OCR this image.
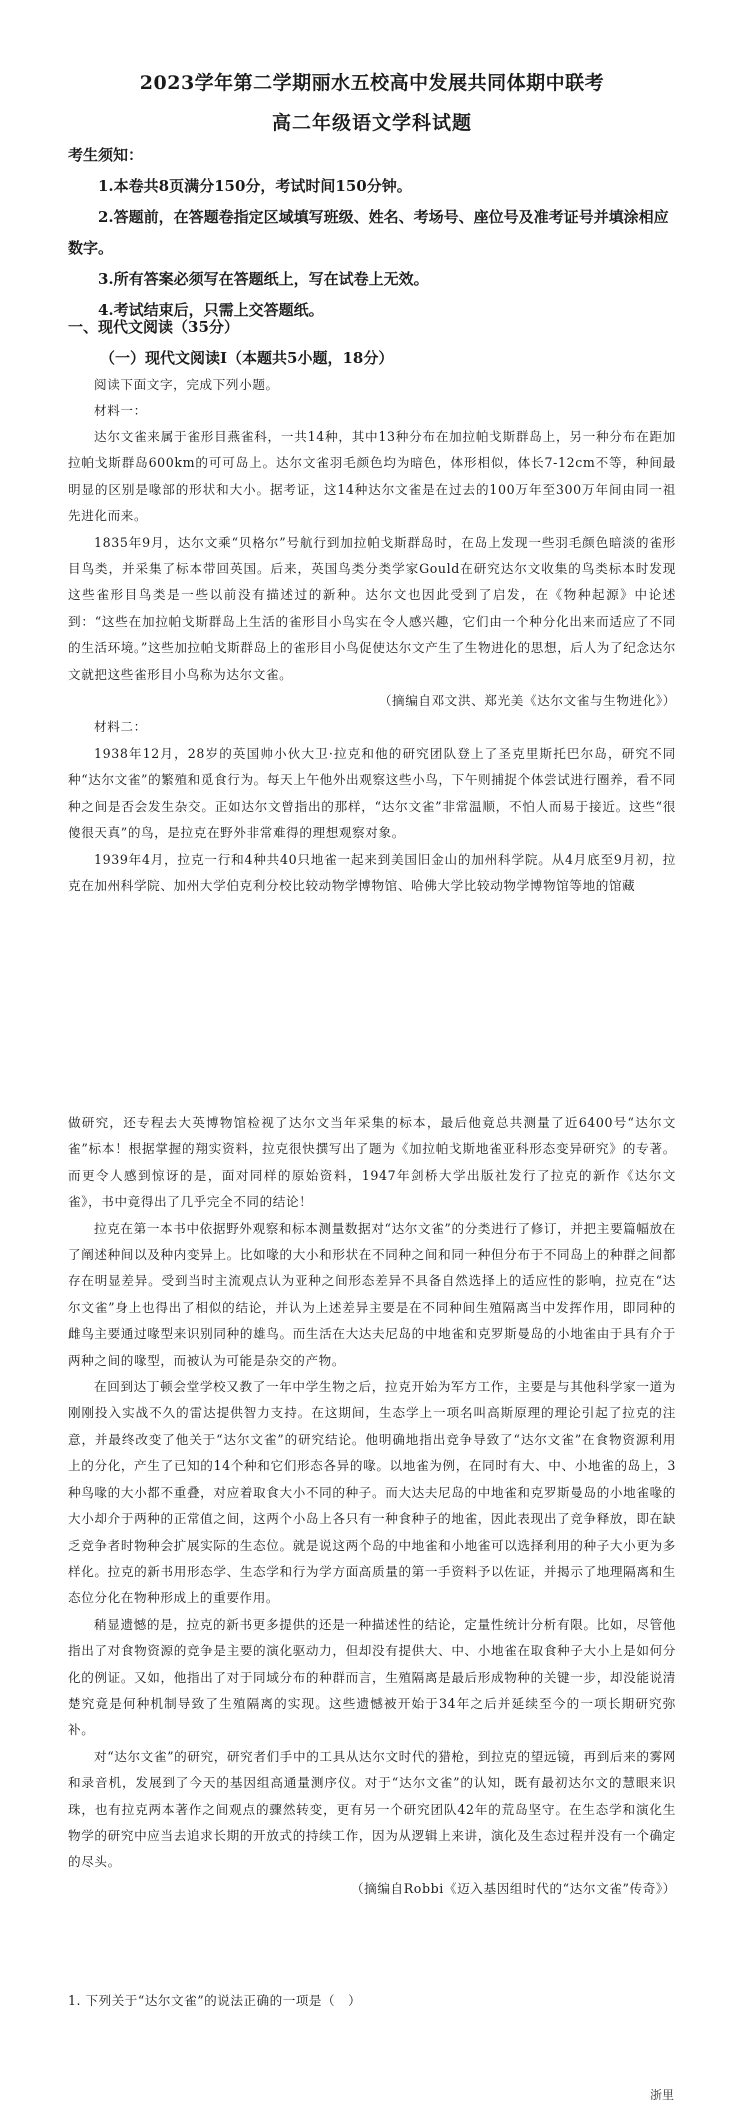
2023学年第二学期丽水五校高中发展共同体期中联考
高二年级语文学科试题

考生须知：

1.本卷共8页满分150分，考试时间150分钟。

2.答题前，在答题卷指定区域填写班级、姓名、考场号、座位号及准考证号并填涂相应数字。

3.所有答案必须写在答题纸上，写在试卷上无效。

4.考试结束后，只需上交答题纸。

一、现代文阅读（35分）
（一）现代文阅读Ⅰ（本题共5小题，18分）

阅读下面文字，完成下列小题。

材料一：

达尔文雀来属于雀形目燕雀科，一共14种，其中13种分布在加拉帕戈斯群岛上，另一种分布在距加拉帕戈斯群岛600km的可可岛上。达尔文雀羽毛颜色均为暗色，体形相似，体长7-12cm不等，种间最明显的区别是喙部的形状和大小。据考证，这14种达尔文雀是在过去的100万年至300万年间由同一祖先进化而来。

1835年9月，达尔文乘“贝格尔”号航行到加拉帕戈斯群岛时，在岛上发现一些羽毛颜色暗淡的雀形目鸟类，并采集了标本带回英国。后来，英国鸟类分类学家Gould在研究达尔文收集的鸟类标本时发现这些雀形目鸟类是一些以前没有描述过的新种。达尔文也因此受到了启发，在《物种起源》中论述到：“这些在加拉帕戈斯群岛上生活的雀形目小鸟实在令人感兴趣，它们由一个种分化出来而适应了不同的生活环境。”这些加拉帕戈斯群岛上的雀形目小鸟促使达尔文产生了生物进化的思想，后人为了纪念达尔文就把这些雀形目小鸟称为达尔文雀。

（摘编自邓文洪、郑光美《达尔文雀与生物进化》）

材料二：

1938年12月，28岁的英国帅小伙大卫·拉克和他的研究团队登上了圣克里斯托巴尔岛，研究不同种“达尔文雀”的繁殖和觅食行为。每天上午他外出观察这些小鸟，下午则捕捉个体尝试进行圈养，看不同种之间是否会发生杂交。正如达尔文曾指出的那样，“达尔文雀”非常温顺，不怕人而易于接近。这些“很傻很天真”的鸟，是拉克在野外非常难得的理想观察对象。

1939年4月，拉克一行和4种共40只地雀一起来到美国旧金山的加州科学院。从4月底至9月初，拉克在加州科学院、加州大学伯克利分校比较动物学博物馆、哈佛大学比较动物学博物馆等地的馆藏

做研究，还专程去大英博物馆检视了达尔文当年采集的标本，最后他竟总共测量了近6400号“达尔文雀”标本！根据掌握的翔实资料，拉克很快撰写出了题为《加拉帕戈斯地雀亚科形态变异研究》的专著。而更令人感到惊讶的是，面对同样的原始资料，1947年剑桥大学出版社发行了拉克的新作《达尔文雀》，书中竟得出了几乎完全不同的结论！

拉克在第一本书中依据野外观察和标本测量数据对“达尔文雀”的分类进行了修订，并把主要篇幅放在了阐述种间以及种内变异上。比如喙的大小和形状在不同种之间和同一种但分布于不同岛上的种群之间都存在明显差异。受到当时主流观点认为亚种之间形态差异不具备自然选择上的适应性的影响，拉克在“达尔文雀”身上也得出了相似的结论，并认为上述差异主要是在不同种间生殖隔离当中发挥作用，即同种的雌鸟主要通过喙型来识别同种的雄鸟。而生活在大达夫尼岛的中地雀和克罗斯曼岛的小地雀由于具有介于两种之间的喙型，而被认为可能是杂交的产物。

在回到达丁顿会堂学校又教了一年中学生物之后，拉克开始为军方工作，主要是与其他科学家一道为刚刚投入实战不久的雷达提供智力支持。在这期间，生态学上一项名叫高斯原理的理论引起了拉克的注意，并最终改变了他关于“达尔文雀”的研究结论。他明确地指出竞争导致了“达尔文雀”在食物资源利用上的分化，产生了已知的14个种和它们形态各异的喙。以地雀为例，在同时有大、中、小地雀的岛上，3种鸟喙的大小都不重叠，对应着取食大小不同的种子。而大达夫尼岛的中地雀和克罗斯曼岛的小地雀喙的大小却介于两种的正常值之间，这两个小岛上各只有一种食种子的地雀，因此表现出了竞争释放，即在缺乏竞争者时物种会扩展实际的生态位。就是说这两个岛的中地雀和小地雀可以选择利用的种子大小更为多样化。拉克的新书用形态学、生态学和行为学方面高质量的第一手资料予以佐证，并揭示了地理隔离和生态位分化在物种形成上的重要作用。

稍显遗憾的是，拉克的新书更多提供的还是一种描述性的结论，定量性统计分析有限。比如，尽管他指出了对食物资源的竞争是主要的演化驱动力，但却没有提供大、中、小地雀在取食种子大小上是如何分化的例证。又如，他指出了对于同域分布的种群而言，生殖隔离是最后形成物种的关键一步，却没能说清楚究竟是何种机制导致了生殖隔离的实现。这些遗憾被开始于34年之后并延续至今的一项长期研究弥补。

对“达尔文雀”的研究，研究者们手中的工具从达尔文时代的猎枪，到拉克的望远镜，再到后来的雾网和录音机，发展到了今天的基因组高通量测序仪。对于“达尔文雀”的认知，既有最初达尔文的慧眼来识珠，也有拉克两本著作之间观点的骤然转变，更有另一个研究团队42年的荒岛坚守。在生态学和演化生物学的研究中应当去追求长期的开放式的持续工作，因为从逻辑上来讲，演化及生态过程并没有一个确定的尽头。

（摘编自Robbi《迈入基因组时代的“达尔文雀”传奇》）

1. 下列关于“达尔文雀”的说法正确的一项是（　）
浙里
